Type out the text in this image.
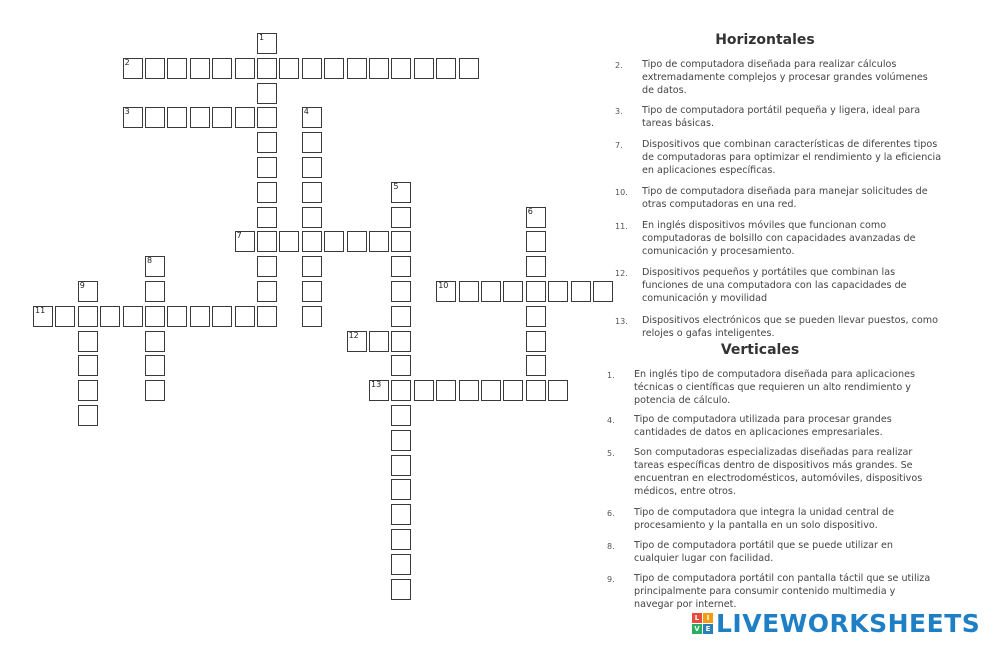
1
2
3	4
5
6
7
8
9	10
11
12
13
Horizontales
2.	Tipo de computadora diseñada para realizar cálculos extremadamente complejos y procesar grandes volúmenes de datos.
3.	Tipo de computadora portátil pequeña y ligera, ideal para tareas básicas.
7.	Dispositivos que combinan características de diferentes tipos de computadoras para optimizar el rendimiento y la eficiencia en aplicaciones específicas.
10.	Tipo de computadora diseñada para manejar solicitudes de otras computadoras en una red.
11.	En inglés dispositivos móviles que funcionan como computadoras de bolsillo con capacidades avanzadas de comunicación y procesamiento.
12.	Dispositivos pequeños y portátiles que combinan las funciones de una computadora con las capacidades de comunicación y movilidad
13.	Dispositivos electrónicos que se pueden llevar puestos, como relojes o gafas inteligentes.
Verticales
1.	En inglés tipo de computadora diseñada para aplicaciones técnicas o científicas que requieren un alto rendimiento y potencia de cálculo.
4.	Tipo de computadora utilizada para procesar grandes cantidades de datos en aplicaciones empresariales.
5.	Son computadoras especializadas diseñadas para realizar tareas específicas dentro de dispositivos más grandes. Se encuentran en electrodomésticos, automóviles, dispositivos médicos, entre otros.
6.	Tipo de computadora que integra la unidad central de procesamiento y la pantalla en un solo dispositivo.
8.	Tipo de computadora portátil que se puede utilizar en cualquier lugar con facilidad.
9.	Tipo de computadora portátil con pantalla táctil que se utiliza principalmente para consumir contenido multimedia y navegar por internet.
L	I
V E LIVEWORKSHEETS
